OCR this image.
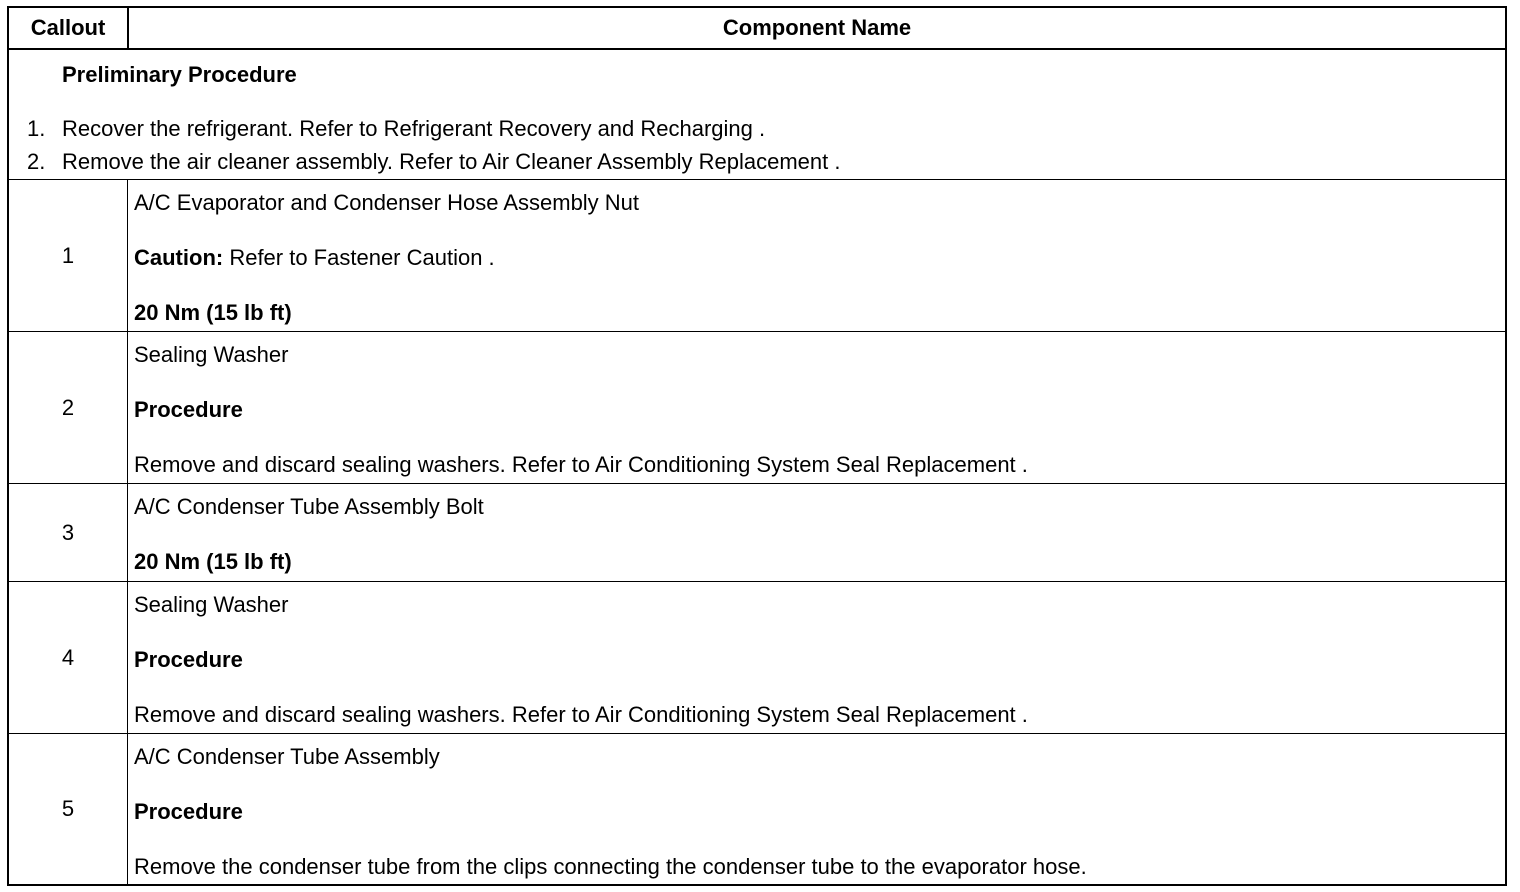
Callout	Component Name
Preliminary Procedure
1. Recover the refrigerant. Refer to Refrigerant Recovery and Recharging .
2. Remove the air cleaner assembly. Refer to Air Cleaner Assembly Replacement .
1
A/C Evaporator and Condenser Hose Assembly Nut
Caution: Refer to Fastener Caution .
20 Nm (15 lb ft)
2
Sealing Washer
Procedure
Remove and discard sealing washers. Refer to Air Conditioning System Seal Replacement .
3
A/C Condenser Tube Assembly Bolt
20 Nm (15 lb ft)
4
Sealing Washer
Procedure
Remove and discard sealing washers. Refer to Air Conditioning System Seal Replacement .
5
A/C Condenser Tube Assembly
Procedure
Remove the condenser tube from the clips connecting the condenser tube to the evaporator hose.
